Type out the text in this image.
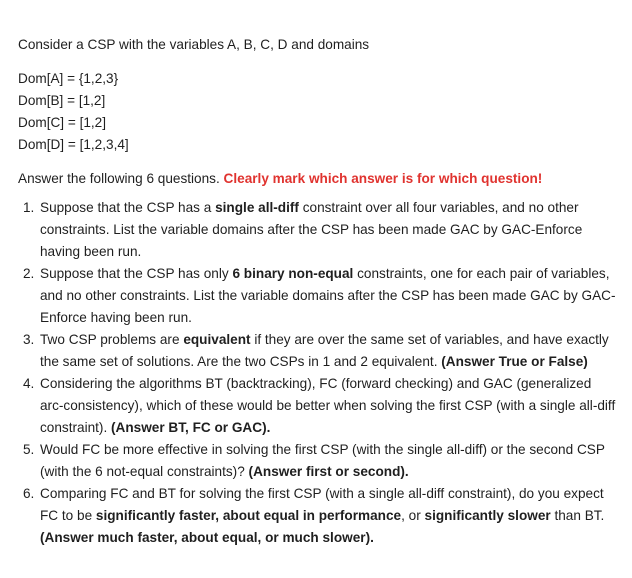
Consider a CSP with the variables A, B, C, D and domains

Dom[A] = {1,2,3}
Dom[B] = [1,2]
Dom[C] = [1,2]
Dom[D] = [1,2,3,4]

Answer the following 6 questions. Clearly mark which answer is for which question!

1. Suppose that the CSP has a single all-diff constraint over all four variables, and no other constraints. List the variable domains after the CSP has been made GAC by GAC-Enforce having been run.
2. Suppose that the CSP has only 6 binary non-equal constraints, one for each pair of variables, and no other constraints. List the variable domains after the CSP has been made GAC by GAC-Enforce having been run.
3. Two CSP problems are equivalent if they are over the same set of variables, and have exactly the same set of solutions. Are the two CSPs in 1 and 2 equivalent. (Answer True or False)
4. Considering the algorithms BT (backtracking), FC (forward checking) and GAC (generalized arc-consistency), which of these would be better when solving the first CSP (with a single all-diff constraint). (Answer BT, FC or GAC).
5. Would FC be more effective in solving the first CSP (with the single all-diff) or the second CSP (with the 6 not-equal constraints)? (Answer first or second).
6. Comparing FC and BT for solving the first CSP (with a single all-diff constraint), do you expect FC to be significantly faster, about equal in performance, or significantly slower than BT. (Answer much faster, about equal, or much slower).
